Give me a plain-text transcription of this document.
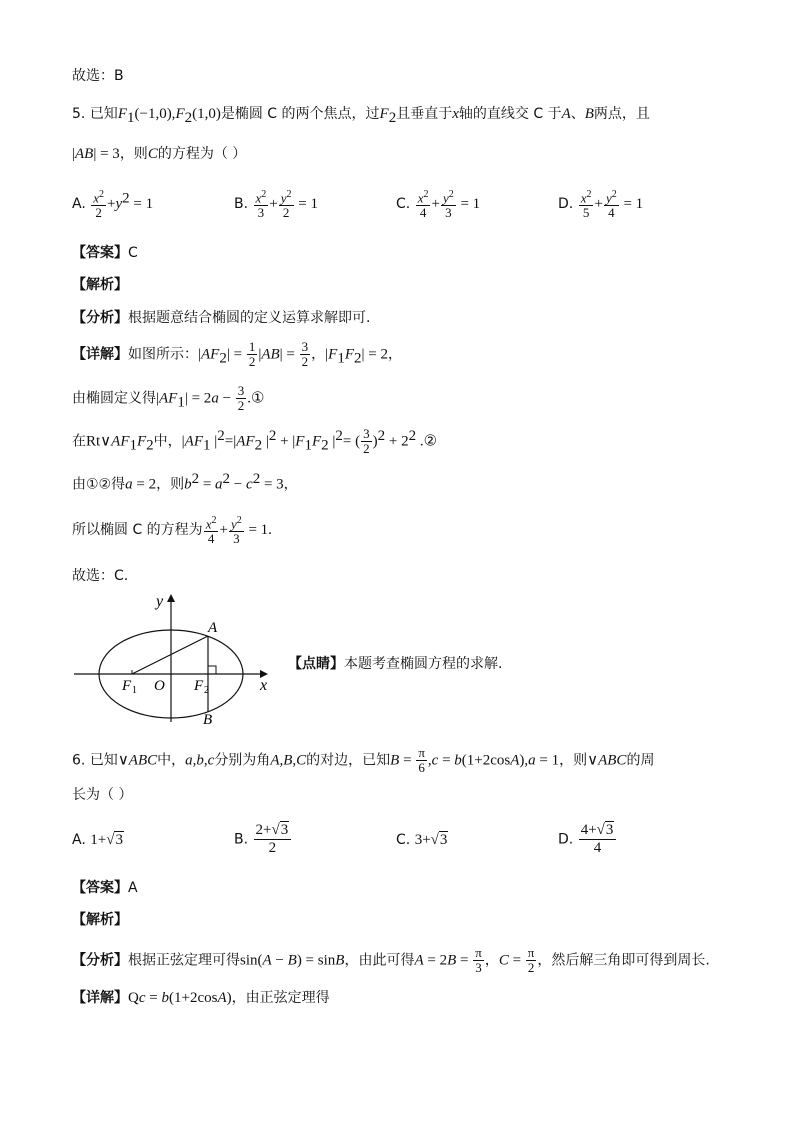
故选：B
5. 已知$F_1(-1,0),F_2(1,0)$是椭圆 C 的两个焦点，过$F_2$且垂直于x轴的直线交 C 于A、B两点，且
|AB| = 3，则C的方程为（ ）
A. $\frac{x^2}{2} +y^2 = 1$	B. $\frac{x^2}{3} + \frac{y^2}{2} = 1$	C. $\frac{x^2}{4} + \frac{y^2}{3} = 1$	D. $\frac{x^2}{5} + \frac{y^2}{4} = 1$
【答案】C
【解析】
【分析】根据题意结合椭圆的定义运算求解即可.
【详解】如图所示：$|AF_2| = \frac{1}{2} |AB| = \frac{3}{2}$ ，$|F_1F_2| = 2$，
由椭圆定义得$|AF_1| = 2a - \frac{3}{2}$ .①
在$Rt\vee AF_1F_2$中，$|AF_1$ $|^2=|AF_2$ $|^2 + |F_1F_2$ $|^2=$ ( $\frac{3}{2} )^2 + 2^2$ .②
由①②得a = 2，则$b^2 = a^2 - c^2 = 3$，
所以椭圆 C 的方程为 $\frac{x^2}{4} + \frac{y^2}{3} = 1$.
故选：C.
y
x
O
F 1	F 2
A
B
【点睛】本题考查椭圆方程的求解.
6. 已知∨ABC中，a,b,c分别为角A,B,C的对边，已知$B = \frac{\pi}{6} ,c = b(1+2\cos A),a = 1$，则∨ABC的周
长为（ ）
A. 1+√3	B. $\frac{2+√3}{2}$	C. 3+√3	D. $\frac{4+√3}{4}$
【答案】A
【解析】
【分析】根据正弦定理可得sin(A − B) = sinB，由此可得$A = 2B = \frac{\pi}{3}$ ，$C = \frac{\pi}{2}$ ，然后解三角即可得到周长.
【详解】Qc = b(1+2cosA)，由正弦定理得
